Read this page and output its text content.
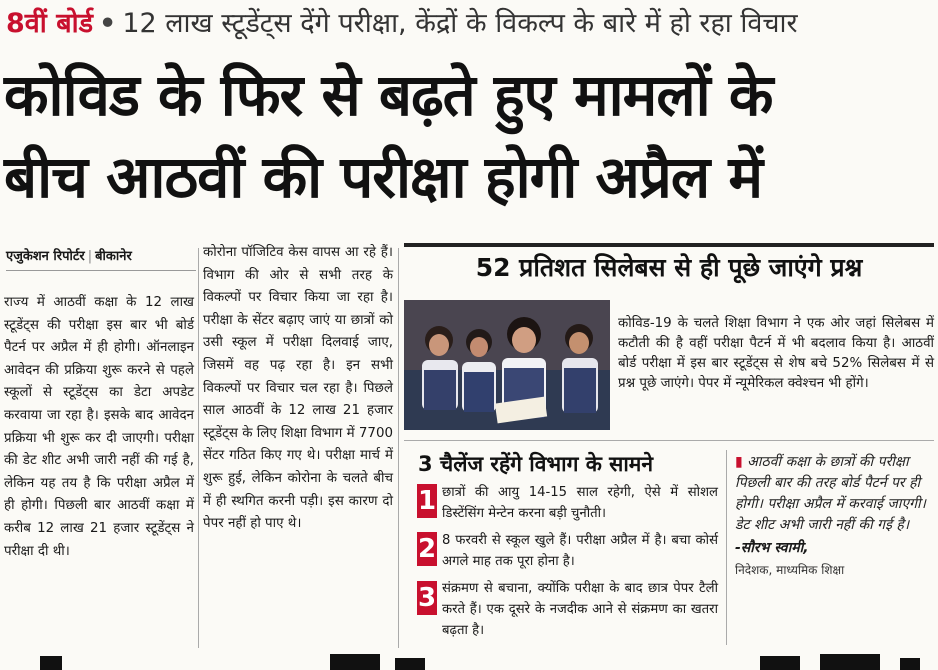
8वीं बोर्ड • 12 लाख स्टूडेंट्स देंगे परीक्षा, केंद्रों के विकल्प के बारे में हो रहा विचार
कोविड के फिर से बढ़ते हुए मामलों के
बीच आठवीं की परीक्षा होगी अप्रैल में
एजुकेशन रिपोर्टर | बीकानेर
राज्य में आठवीं कक्षा के 12 लाख स्टूडेंट्स की परीक्षा इस बार भी बोर्ड पैटर्न पर अप्रैल में ही होगी। ऑनलाइन आवेदन की प्रक्रिया शुरू करने से पहले स्कूलों से स्टूडेंट्स का डेटा अपडेट करवाया जा रहा है। इसके बाद आवेदन प्रक्रिया भी शुरू कर दी जाएगी। परीक्षा की डेट शीट अभी जारी नहीं की गई है, लेकिन यह तय है कि परीक्षा अप्रैल में ही होगी। पिछली बार आठवीं कक्षा में करीब 12 लाख 21 हजार स्टूडेंट्स ने परीक्षा दी थी।
कोरोना पॉजिटिव केस वापस आ रहे हैं। विभाग की ओर से सभी तरह के विकल्पों पर विचार किया जा रहा है। परीक्षा के सेंटर बढ़ाए जाएं या छात्रों को उसी स्कूल में परीक्षा दिलवाई जाए, जिसमें वह पढ़ रहा है। इन सभी विकल्पों पर विचार चल रहा है। पिछले साल आठवीं के 12 लाख 21 हजार स्टूडेंट्स के लिए शिक्षा विभाग में 7700 सेंटर गठित किए गए थे। परीक्षा मार्च में शुरू हुई, लेकिन कोरोना के चलते बीच में ही स्थगित करनी पड़ी। इस कारण दो पेपर नहीं हो पाए थे।
52 प्रतिशत सिलेबस से ही पूछे जाएंगे प्रश्न
कोविड-19 के चलते शिक्षा विभाग ने एक ओर जहां सिलेबस में कटौती की है वहीं परीक्षा पैटर्न में भी बदलाव किया है। आठवीं बोर्ड परीक्षा में इस बार स्टूडेंट्स से शेष बचे 52% सिलेबस में से प्रश्न पूछे जाएंगे। पेपर में न्यूमेरिकल क्वेश्चन भी होंगे।
3 चैलेंज रहेंगे विभाग के सामने
1 छात्रों की आयु 14-15 साल रहेगी, ऐसे में सोशल डिस्टेंसिंग मेन्टेन करना बड़ी चुनौती।
2 8 फरवरी से स्कूल खुले हैं। परीक्षा अप्रैल में है। बचा कोर्स अगले माह तक पूरा होना है।
3 संक्रमण से बचाना, क्योंकि परीक्षा के बाद छात्र पेपर टैली करते हैं। एक दूसरे के नजदीक आने से संक्रमण का खतरा बढ़ता है।
▮ आठवीं कक्षा के छात्रों की परीक्षा पिछली बार की तरह बोर्ड पैटर्न पर ही होगी। परीक्षा अप्रैल में करवाई जाएगी। डेट शीट अभी जारी नहीं की गई है।
-सौरभ स्वामी,
निदेशक, माध्यमिक शिक्षा
